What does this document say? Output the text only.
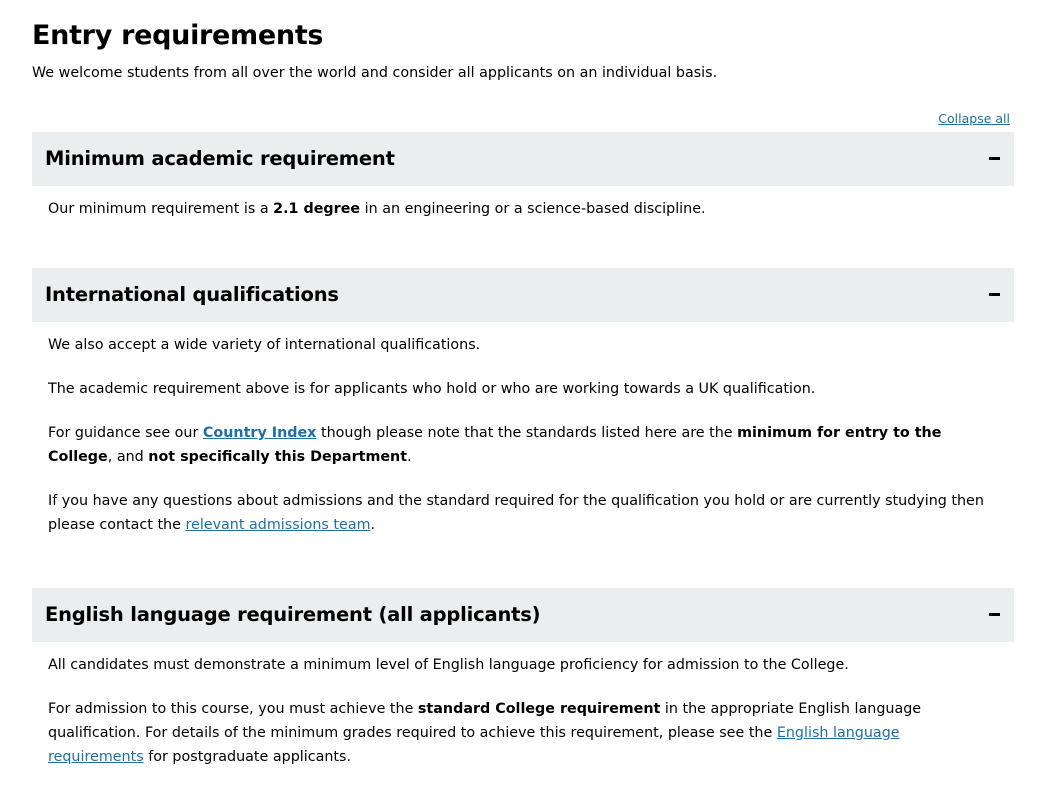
Entry requirements

We welcome students from all over the world and consider all applicants on an individual basis.

Collapse all
Minimum academic requirement

Our minimum requirement is a 2.1 degree in an engineering or a science-based discipline.

International qualifications

We also accept a wide variety of international qualifications.

The academic requirement above is for applicants who hold or who are working towards a UK qualification.

For guidance see our Country Index though please note that the standards listed here are the minimum for entry to the College, and not specifically this Department.

If you have any questions about admissions and the standard required for the qualification you hold or are currently studying then please contact the relevant admissions team.

English language requirement (all applicants)

All candidates must demonstrate a minimum level of English language proficiency for admission to the College.

For admission to this course, you must achieve the standard College requirement in the appropriate English language qualification. For details of the minimum grades required to achieve this requirement, please see the English language requirements for postgraduate applicants.
